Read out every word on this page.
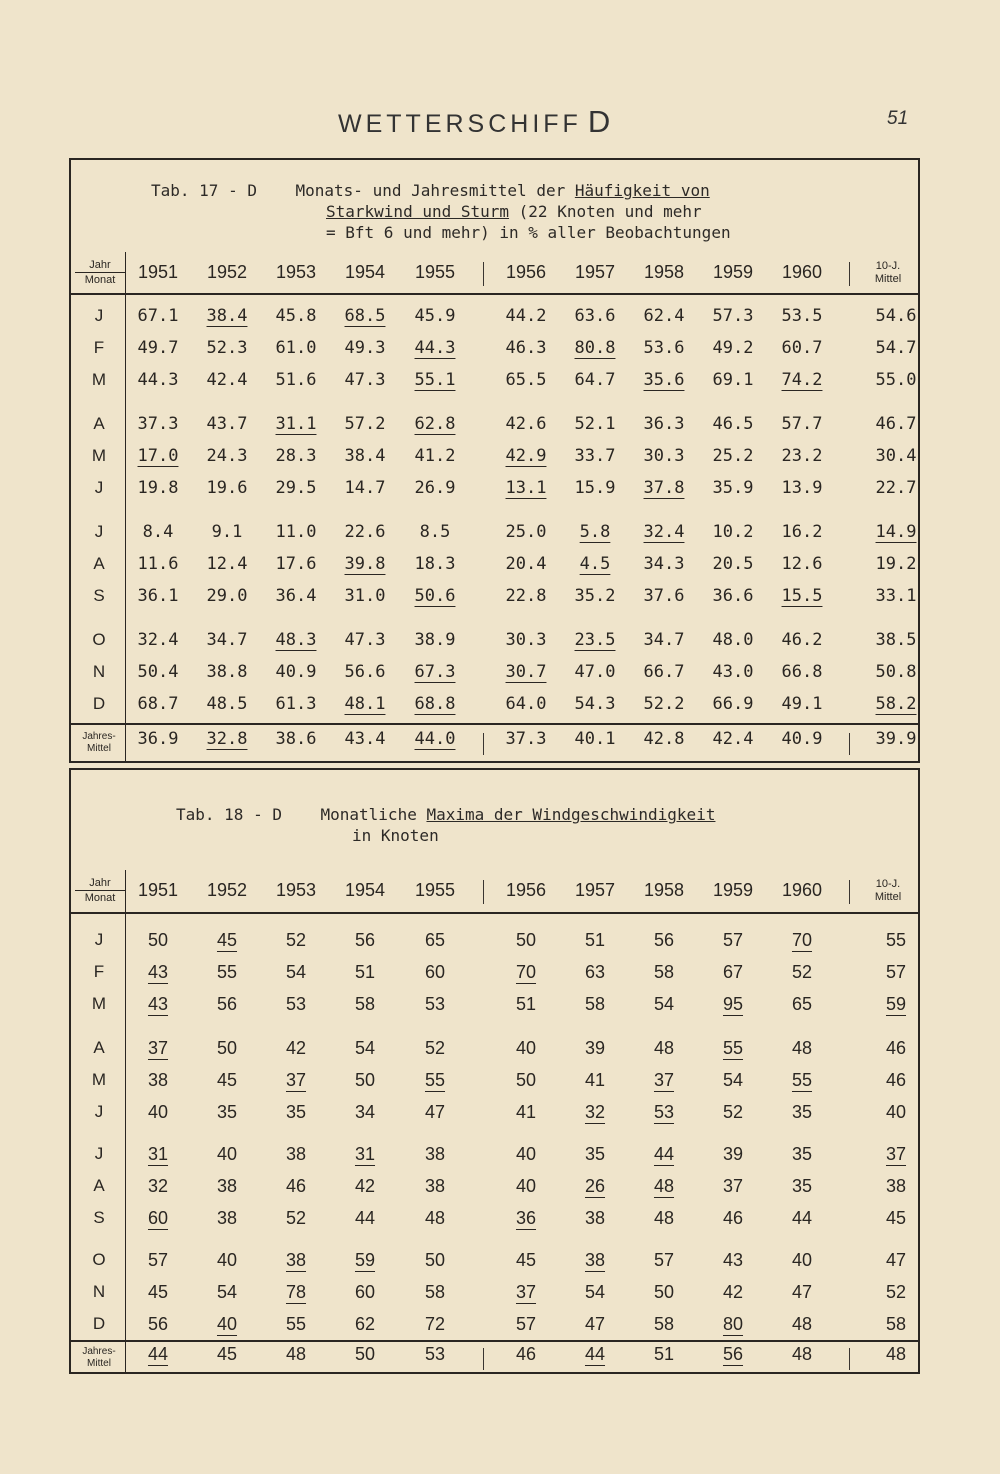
WETTERSCHIFF D	51
Tab. 17 - D Monats- und Jahresmittel der Häufigkeit von
Starkwind und Sturm (22 Knoten und mehr
= Bft 6 und mehr) in % aller Beobachtungen
Jahr
Monat	1951	1952	1953	1954	1955	1956	1957	1958	1959	1960	10-J.
Mittel
J	67.1	38.4	45.8	68.5	45.9	44.2	63.6	62.4	57.3	53.5	54.6
F	49.7	52.3	61.0	49.3	44.3	46.3	80.8	53.6	49.2	60.7	54.7
M	44.3	42.4	51.6	47.3	55.1	65.5	64.7	35.6	69.1	74.2	55.0
A	37.3	43.7	31.1	57.2	62.8	42.6	52.1	36.3	46.5	57.7	46.7
M	17.0	24.3	28.3	38.4	41.2	42.9	33.7	30.3	25.2	23.2	30.4
J	19.8	19.6	29.5	14.7	26.9	13.1	15.9	37.8	35.9	13.9	22.7
J	8.4	9.1	11.0	22.6	8.5	25.0	5.8	32.4	10.2	16.2	14.9
A	11.6	12.4	17.6	39.8	18.3	20.4	4.5	34.3	20.5	12.6	19.2
S	36.1	29.0	36.4	31.0	50.6	22.8	35.2	37.6	36.6	15.5	33.1
O	32.4	34.7	48.3	47.3	38.9	30.3	23.5	34.7	48.0	46.2	38.5
N	50.4	38.8	40.9	56.6	67.3	30.7	47.0	66.7	43.0	66.8	50.8
D	68.7	48.5	61.3	48.1	68.8	64.0	54.3	52.2	66.9	49.1	58.2
Jahres-
Mittel	36.9	32.8	38.6	43.4	44.0	37.3	40.1	42.8	42.4	40.9	39.9
Tab. 18 - D Monatliche Maxima der Windgeschwindigkeit
in Knoten
Jahr
Monat	1951	1952	1953	1954	1955	1956	1957	1958	1959	1960	10-J.
Mittel
J	50	45	52	56	65	50	51	56	57	70	55
F	43	55	54	51	60	70	63	58	67	52	57
M	43	56	53	58	53	51	58	54	95	65	59
A	37	50	42	54	52	40	39	48	55	48	46
M	38	45	37	50	55	50	41	37	54	55	46
J	40	35	35	34	47	41	32	53	52	35	40
J	31	40	38	31	38	40	35	44	39	35	37
A	32	38	46	42	38	40	26	48	37	35	38
S	60	38	52	44	48	36	38	48	46	44	45
O	57	40	38	59	50	45	38	57	43	40	47
N	45	54	78	60	58	37	54	50	42	47	52
D	56	40	55	62	72	57	47	58	80	48	58
Jahres-
Mittel	44	45	48	50	53	46	44	51	56	48	48
